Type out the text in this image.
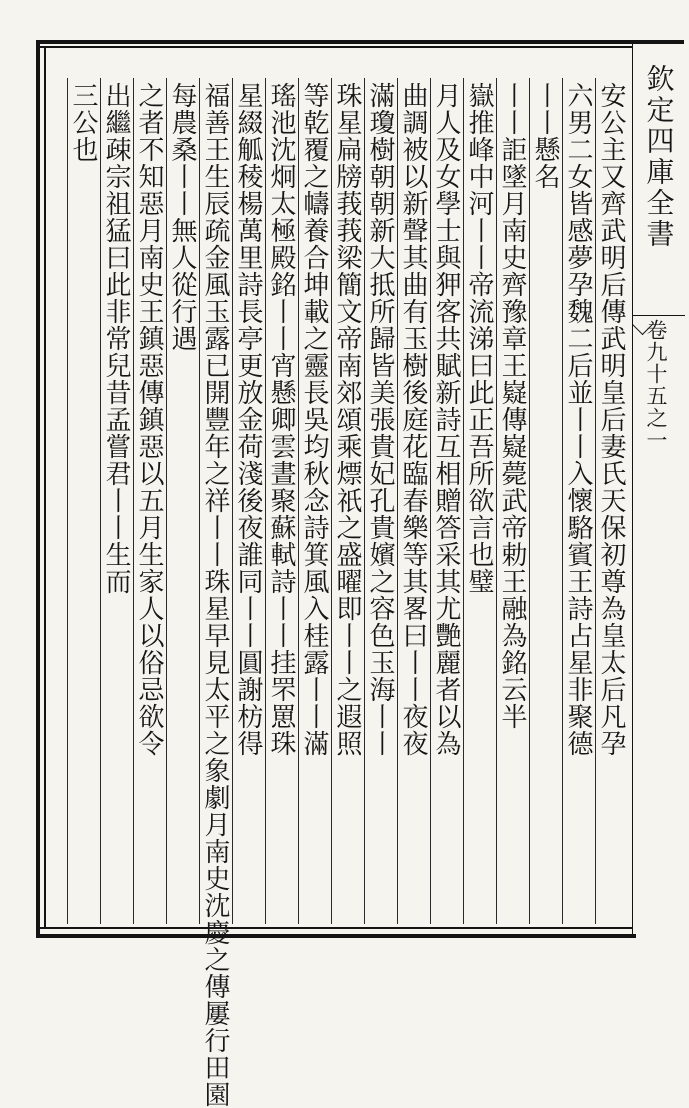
欽定四庫全書
卷九十五之一
安公主又齊武明后傳武明皇后妻氏天保初尊為皇太后凡孕
六男二女皆感夢孕魏二后並丨丨入懷駱賓王詩占星非聚德
丨丨懸名
丨丨詎墜月南史齊豫章王嶷傳嶷薨武帝勅王融為銘云半
嶽推峰中河丨丨帝流涕曰此正吾所欲言也璧
月人及女學士與狎客共賦新詩互相贈答采其尤艷麗者以為
曲調被以新聲其曲有玉樹後庭花臨春樂等其畧曰丨丨夜夜
滿瓊樹朝朝新大抵所歸皆美張貴妃孔貴嬪之容色玉海丨丨
珠星扁牓莪莪梁簡文帝南郊頌乘熛祇之盛曜即丨丨之遐照
等乾覆之幬養合坤載之靈長吳均秋念詩箕風入桂露丨丨滿
瑤池沈炯太極殿銘丨丨宵懸卿雲晝聚蘇軾詩丨丨挂罘罳珠
星綴觚稜楊萬里詩長亭更放金荷淺後夜誰同丨丨圓謝枋得
福善王生辰疏金風玉露已開豐年之祥丨丨珠星早見太平之象劇月南史沈慶之傳屢行田園
每農桑丨丨無人從行遇
之者不知惡月南史王鎮惡傳鎮惡以五月生家人以俗忌欲令
出繼疎宗祖猛曰此非常兒昔孟嘗君丨丨生而
三公也
